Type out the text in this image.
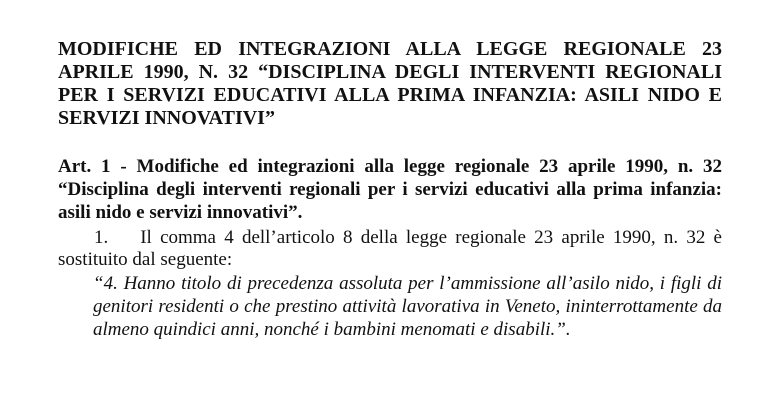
MODIFICHE ED INTEGRAZIONI ALLA LEGGE REGIONALE 23 APRILE 1990, N. 32 “DISCIPLINA DEGLI INTERVENTI REGIONALI PER I SERVIZI EDUCATIVI ALLA PRIMA INFANZIA: ASILI NIDO E SERVIZI INNOVATIVI”
Art. 1 - Modifiche ed integrazioni alla legge regionale 23 aprile 1990, n. 32 “Disciplina degli interventi regionali per i servizi educativi alla prima infanzia: asili nido e servizi innovativi”.

1. Il comma 4 dell’articolo 8 della legge regionale 23 aprile 1990, n. 32 è sostituito dal seguente:

“4. Hanno titolo di precedenza assoluta per l’ammissione all’asilo nido, i figli di genitori residenti o che prestino attività lavorativa in Veneto, ininterrottamente da almeno quindici anni, nonché i bambini menomati e disabili.”.
